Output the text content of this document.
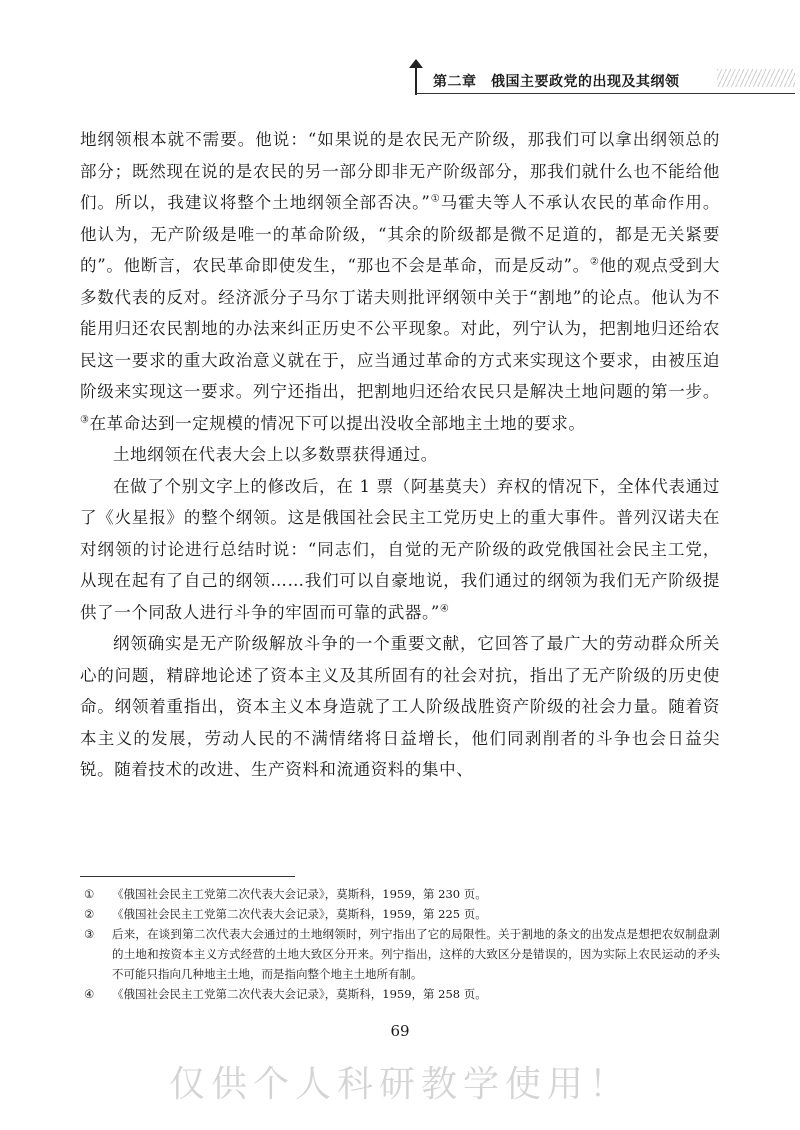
第二章　俄国主要政党的出现及其纲领

地纲领根本就不需要。他说：“如果说的是农民无产阶级，那我们可以拿出纲领总的部分；既然现在说的是农民的另一部分即非无产阶级部分，那我们就什么也不能给他们。所以，我建议将整个土地纲领全部否决。”①马霍夫等人不承认农民的革命作用。他认为，无产阶级是唯一的革命阶级，“其余的阶级都是微不足道的，都是无关紧要的”。他断言，农民革命即使发生，“那也不会是革命，而是反动”。②他的观点受到大多数代表的反对。经济派分子马尔丁诺夫则批评纲领中关于“割地”的论点。他认为不能用归还农民割地的办法来纠正历史不公平现象。对此，列宁认为，把割地归还给农民这一要求的重大政治意义就在于，应当通过革命的方式来实现这个要求，由被压迫阶级来实现这一要求。列宁还指出，把割地归还给农民只是解决土地问题的第一步。③在革命达到一定规模的情况下可以提出没收全部地主土地的要求。

土地纲领在代表大会上以多数票获得通过。

在做了个别文字上的修改后，在 1 票（阿基莫夫）弃权的情况下，全体代表通过了《火星报》的整个纲领。这是俄国社会民主工党历史上的重大事件。普列汉诺夫在对纲领的讨论进行总结时说：“同志们，自觉的无产阶级的政党俄国社会民主工党，从现在起有了自己的纲领……我们可以自豪地说，我们通过的纲领为我们无产阶级提供了一个同敌人进行斗争的牢固而可靠的武器。”④

纲领确实是无产阶级解放斗争的一个重要文献，它回答了最广大的劳动群众所关心的问题，精辟地论述了资本主义及其所固有的社会对抗，指出了无产阶级的历史使命。纲领着重指出，资本主义本身造就了工人阶级战胜资产阶级的社会力量。随着资本主义的发展，劳动人民的不满情绪将日益增长，他们同剥削者的斗争也会日益尖锐。随着技术的改进、生产资料和流通资料的集中、

① 《俄国社会民主工党第二次代表大会记录》，莫斯科，1959，第 230 页。
② 《俄国社会民主工党第二次代表大会记录》，莫斯科，1959，第 225 页。
③ 后来，在谈到第二次代表大会通过的土地纲领时，列宁指出了它的局限性。关于割地的条文的出发点是想把农奴制盘剥的土地和按资本主义方式经营的土地大致区分开来。列宁指出，这样的大致区分是错误的，因为实际上农民运动的矛头不可能只指向几种地主土地，而是指向整个地主土地所有制。
④ 《俄国社会民主工党第二次代表大会记录》，莫斯科，1959，第 258 页。
69
仅供个人科研教学使用！
